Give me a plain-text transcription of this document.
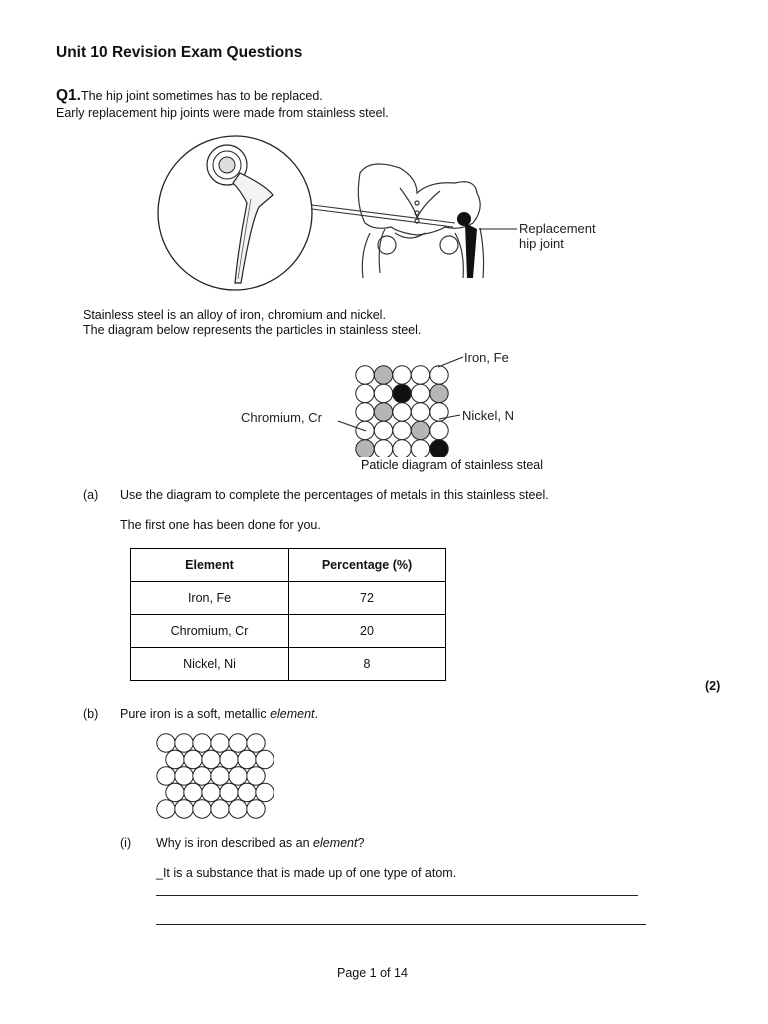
Unit 10 Revision Exam Questions
Q1.The hip joint sometimes has to be replaced.
Early replacement hip joints were made from stainless steel.
Replacement
hip joint
Stainless steel is an alloy of iron, chromium and nickel.
The diagram below represents the particles in stainless steel.
Iron, Fe
Nickel, N
Chromium, Cr
Paticle diagram of stainless steal
(a) Use the diagram to complete the percentages of metals in this stainless steel.
The first one has been done for you.
Element	Percentage (%)
Iron, Fe	72
Chromium, Cr	20
Nickel, Ni	8
(2)
(b) Pure iron is a soft, metallic element.
(i) Why is iron described as an element?
_It is a substance that is made up of one type of atom.
Page 1 of 14
